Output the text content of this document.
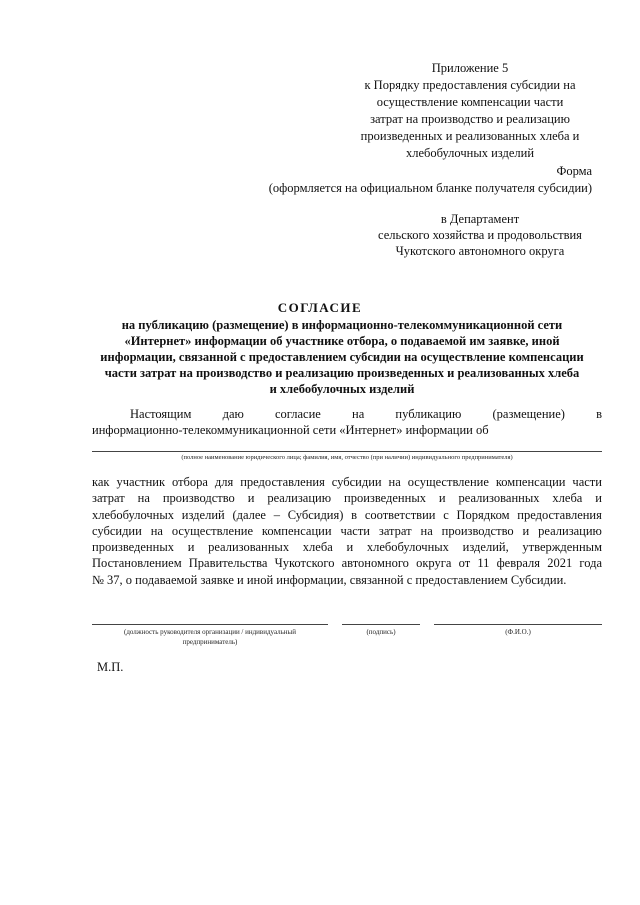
Приложение 5
к Порядку предоставления субсидии на
осуществление компенсации части
затрат на производство и реализацию
произведенных и реализованных хлеба и
хлебобулочных изделий
Форма
(оформляется на официальном бланке получателя субсидии)
в Департамент
сельского хозяйства и продовольствия
Чукотского автономного округа
СОГЛАСИЕ
на публикацию (размещение) в информационно-телекоммуникационной сети
«Интернет» информации об участнике отбора, о подаваемой им заявке, иной
информации, связанной с предоставлением субсидии на осуществление компенсации
части затрат на производство и реализацию произведенных и реализованных хлеба
и хлебобулочных изделий
Настоящим даю согласие на публикацию (размещение) в
информационно-телекоммуникационной сети «Интернет» информации об
(полное наименование юридического лица; фамилия, имя, отчество (при наличии) индивидуального предпринимателя)
как участник отбора для предоставления субсидии на осуществление компенсации части
затрат на производство и реализацию произведенных и реализованных хлеба и
хлебобулочных изделий (далее – Субсидия) в соответствии с Порядком предоставления
субсидии на осуществление компенсации части затрат на производство и реализацию
произведенных и реализованных хлеба и хлебобулочных изделий, утвержденным
Постановлением Правительства Чукотского автономного округа от 11 февраля 2021 года
№ 37, о подаваемой заявке и иной информации, связанной с предоставлением Субсидии.
(должность руководителя организации / индивидуальный
предприниматель)
(подпись)	(Ф.И.О.)
М.П.
